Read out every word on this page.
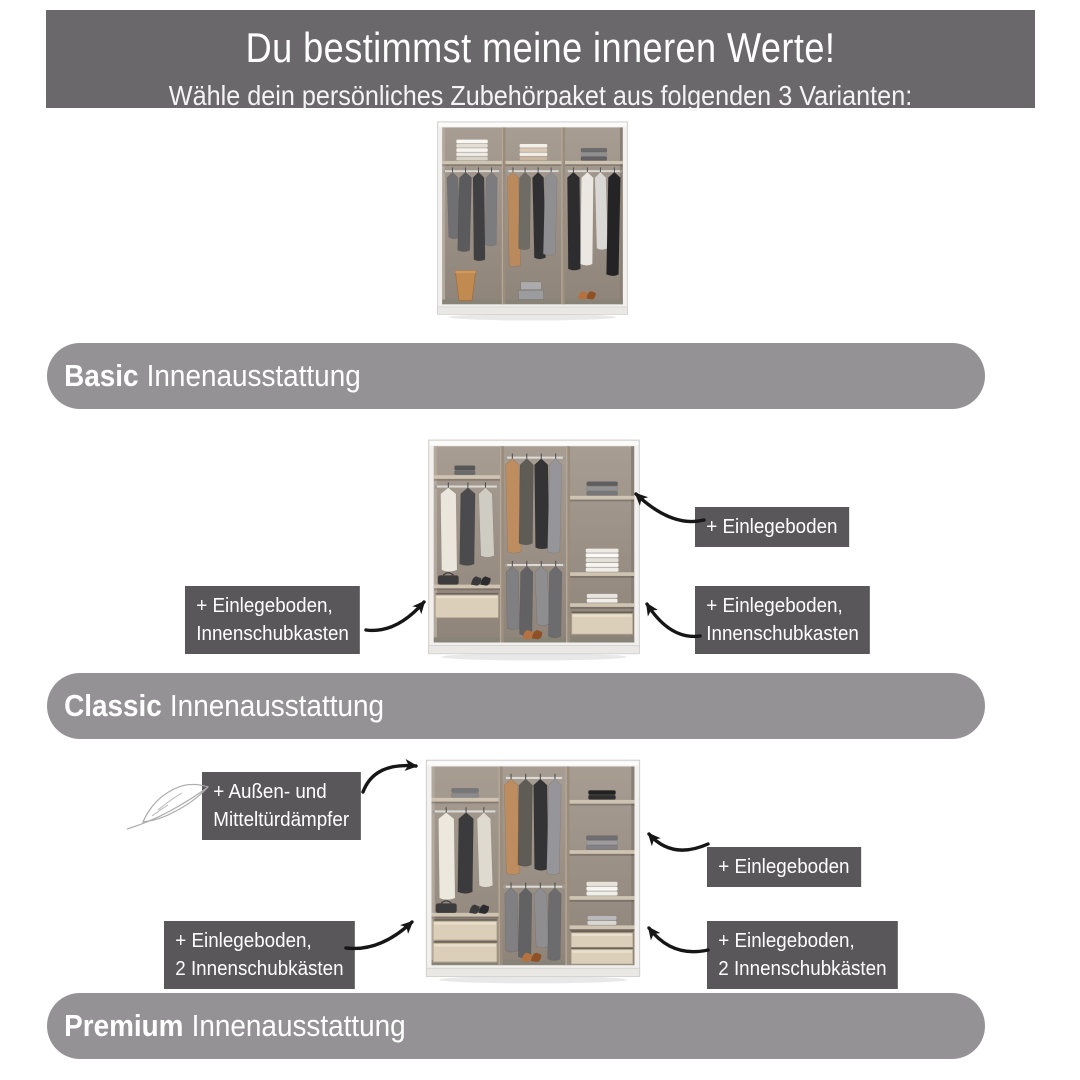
Du bestimmst meine inneren Werte!
Wähle dein persönliches Zubehörpaket aus folgenden 3 Varianten:
Basic Innenausstattung
Classic Innenausstattung
Premium Innenausstattung
+ Einlegeboden
+ Einlegeboden,
Innenschubkasten
+ Einlegeboden,
Innenschubkasten
+ Außen- und
Mitteltürdämpfer
+ Einlegeboden
+ Einlegeboden,
2 Innenschubkästen
+ Einlegeboden,
2 Innenschubkästen
